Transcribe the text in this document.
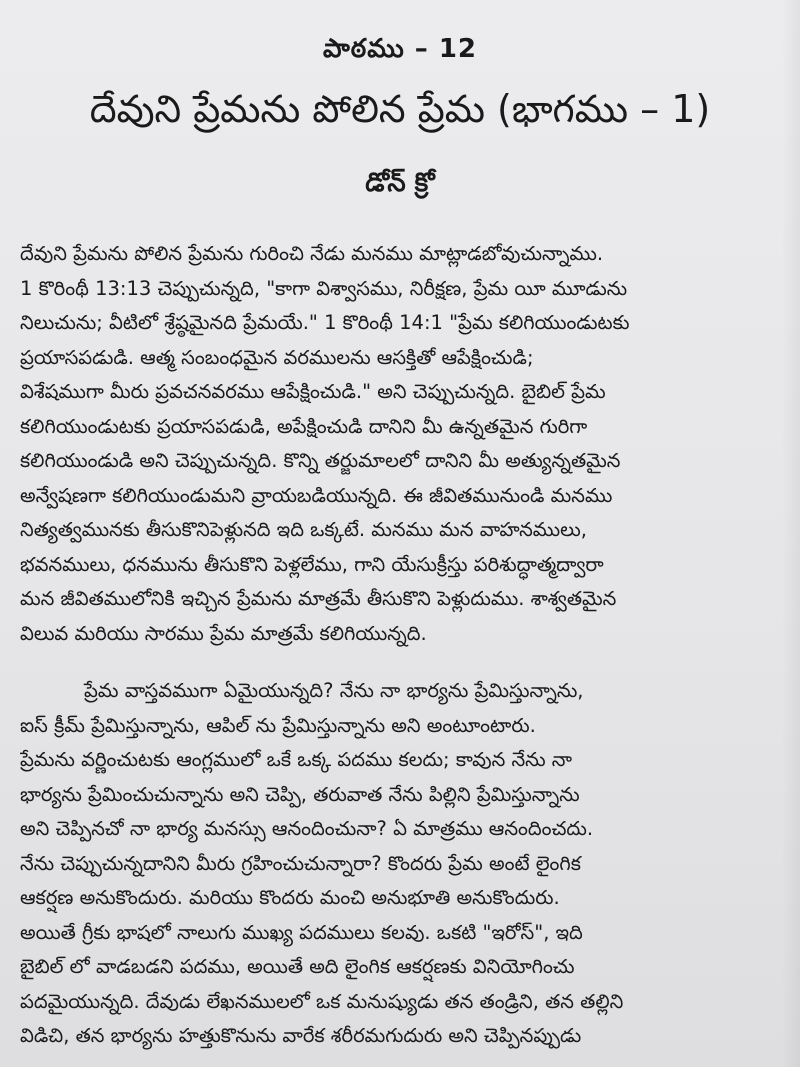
పాఠము – 12
దేవుని ప్రేమను పోలిన ప్రేమ (భాగము – 1)
డోన్ క్రో
దేవుని ప్రేమను పోలిన ప్రేమను గురించి నేడు మనము మాట్లాడబోవుచున్నాము.
1 కొరింథీ 13:13 చెప్పుచున్నది, "కాగా విశ్వాసము, నిరీక్షణ, ప్రేమ యీ మూడును
నిలుచును; వీటిలో శ్రేష్ఠమైనది ప్రేమయే." 1 కొరింథీ 14:1 "ప్రేమ కలిగియుండుటకు
ప్రయాసపడుడి. ఆత్మ సంబంధమైన వరములను ఆసక్తితో ఆపేక్షించుడి;
విశేషముగా మీరు ప్రవచనవరము ఆపేక్షించుడి." అని చెప్పుచున్నది. బైబిల్ ప్రేమ
కలిగియుండుటకు ప్రయాసపడుడి, అపేక్షించుడి దానిని మీ ఉన్నతమైన గురిగా
కలిగియుండుడి అని చెప్పుచున్నది. కొన్ని తర్జుమాలలో దానిని మీ అత్యున్నతమైన
అన్వేషణగా కలిగియుండుమని వ్రాయబడియున్నది. ఈ జీవితమునుండి మనము
నిత్యత్వమునకు తీసుకొనిపెళ్లునది ఇది ఒక్కటే. మనము మన వాహనములు,
భవనములు, ధనమును తీసుకొని పెళ్లలేము, గాని యేసుక్రీస్తు పరిశుద్ధాత్మద్వారా
మన జీవితములోనికి ఇచ్చిన ప్రేమను మాత్రమే తీసుకొని పెళ్లుదుము. శాశ్వతమైన
విలువ మరియు సారము ప్రేమ మాత్రమే కలిగియున్నది.
ప్రేమ వాస్తవముగా ఏమైయున్నది? నేను నా భార్యను ప్రేమిస్తున్నాను,
ఐస్ క్రీమ్ ప్రేమిస్తున్నాను, ఆపిల్ ను ప్రేమిస్తున్నాను అని అంటూంటారు.
ప్రేమను వర్ణించుటకు ఆంగ్లములో ఒకే ఒక్క పదము కలదు; కావున నేను నా
భార్యను ప్రేమించుచున్నాను అని చెప్పి, తరువాత నేను పిల్లిని ప్రేమిస్తున్నాను
అని చెప్పినచో నా భార్య మనస్సు ఆనందించునా? ఏ మాత్రము ఆనందించదు.
నేను చెప్పుచున్నదానిని మీరు గ్రహించుచున్నారా? కొందరు ప్రేమ అంటే లైంగిక
ఆకర్షణ అనుకొందురు. మరియు కొందరు మంచి అనుభూతి అనుకొందురు.
అయితే గ్రీకు భాషలో నాలుగు ముఖ్య పదములు కలవు. ఒకటి "ఇరోస్", ఇది
బైబిల్ లో వాడబడని పదము, అయితే అది లైంగిక ఆకర్షణకు వినియోగించు
పదమైయున్నది. దేవుడు లేఖనములలో ఒక మనుష్యుడు తన తండ్రిని, తన తల్లిని
విడిచి, తన భార్యను హత్తుకొనును వారేక శరీరమగుదురు అని చెప్పినప్పుడు
